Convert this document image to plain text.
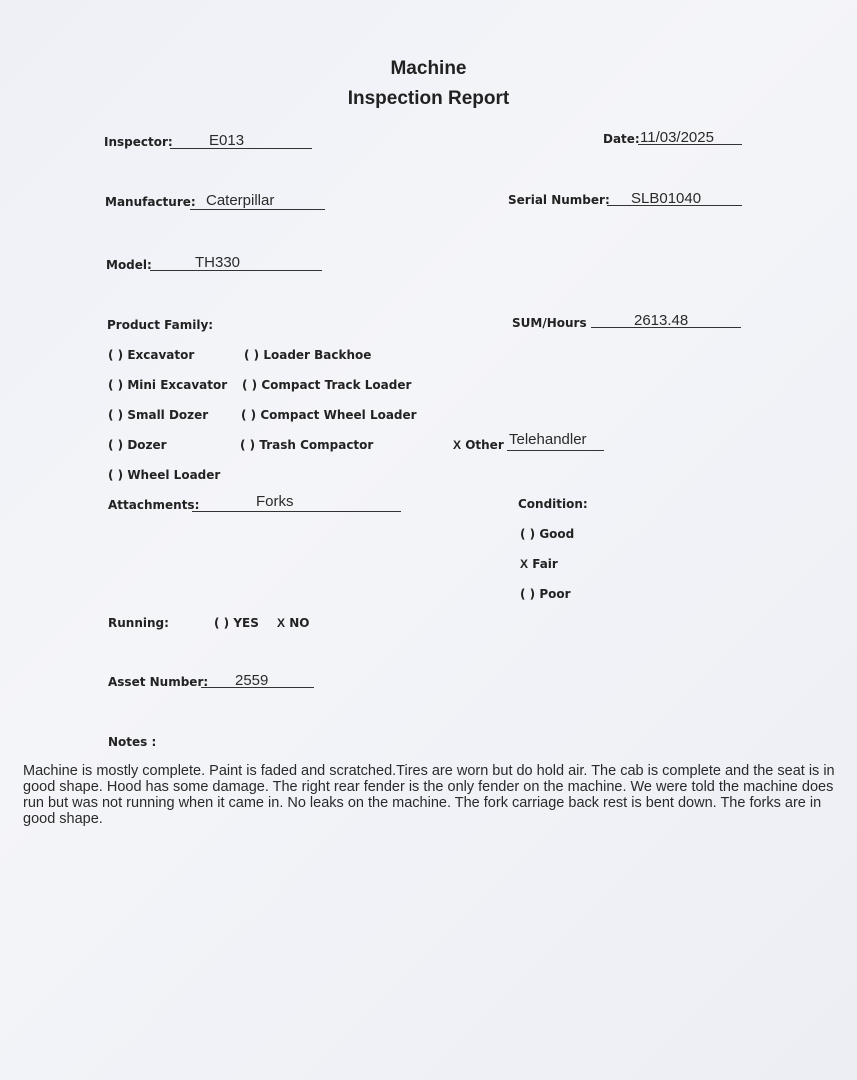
Machine
Inspection Report
Inspector: E013	Date: 11/03/2025
Manufacture: Caterpillar	Serial Number: SLB01040
Model:	TH330
Product Family:	SUM/Hours	2613.48
( ) Excavator	( ) Loader Backhoe
( ) Mini Excavator ( ) Compact Track Loader
( ) Small Dozer	( ) Compact Wheel Loader
( ) Dozer	( ) Trash Compactor	X Other Telehandler
( ) Wheel Loader
Attachments:	Forks	Condition:
( ) Good
X Fair
( ) Poor
Running:	( ) YES X NO
Asset Number: 2559
Notes :
Machine is mostly complete. Paint is faded and scratched.Tires are worn but do hold air. The cab is complete and the seat is in good shape. Hood has some damage. The right rear fender is the only fender on the machine. We were told the machine does run but was not running when it came in. No leaks on the machine. The fork carriage back rest is bent down. The forks are in good shape.
